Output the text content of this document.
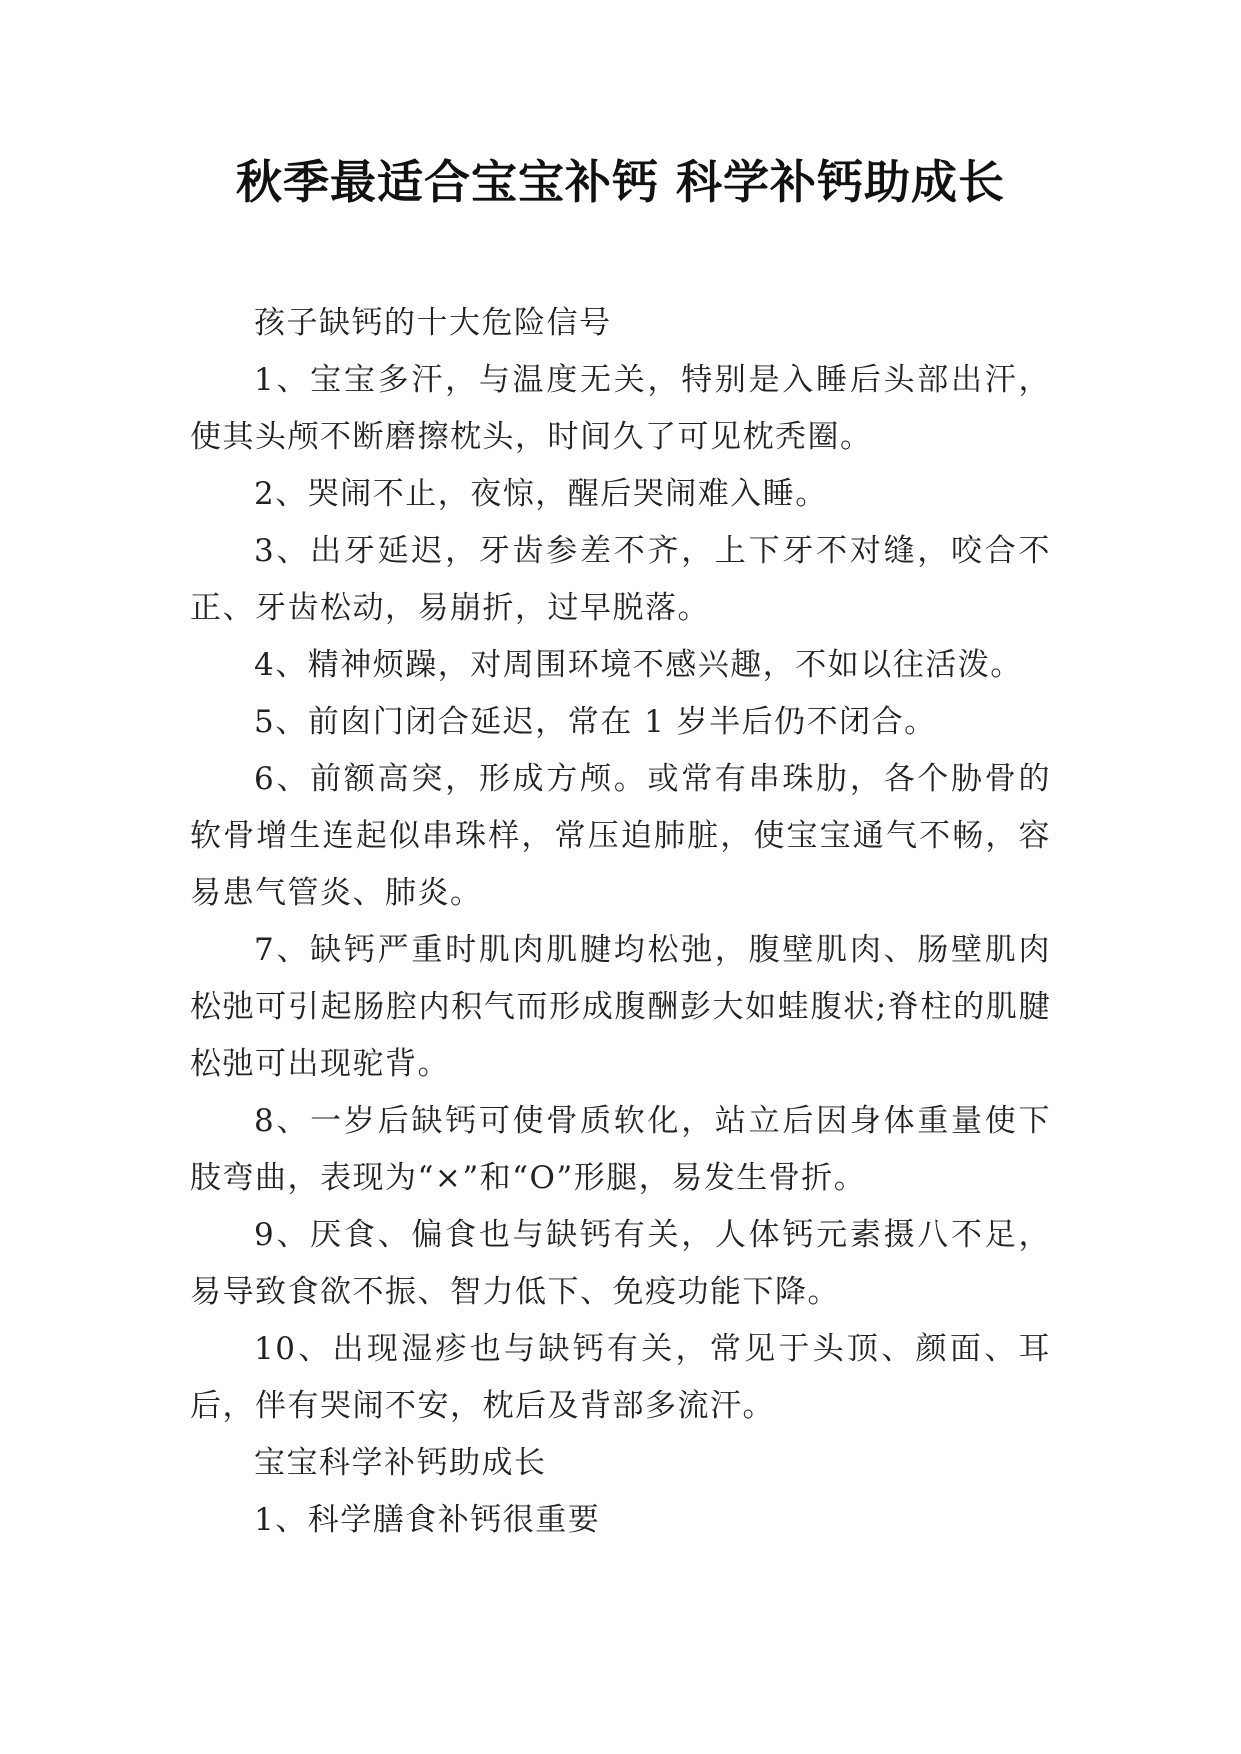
秋季最适合宝宝补钙 科学补钙助成长

孩子缺钙的十大危险信号

1、宝宝多汗，与温度无关，特别是入睡后头部出汗，使其头颅不断磨擦枕头，时间久了可见枕秃圈。

2、哭闹不止，夜惊，醒后哭闹难入睡。

3、出牙延迟，牙齿参差不齐，上下牙不对缝，咬合不正、牙齿松动，易崩折，过早脱落。

4、精神烦躁，对周围环境不感兴趣，不如以往活泼。

5、前囱门闭合延迟，常在 1 岁半后仍不闭合。

6、前额高突，形成方颅。或常有串珠肋，各个胁骨的软骨增生连起似串珠样，常压迫肺脏，使宝宝通气不畅，容易患气管炎、肺炎。

7、缺钙严重时肌肉肌腱均松弛，腹壁肌肉、肠壁肌肉松弛可引起肠腔内积气而形成腹酬彭大如蛙腹状;脊柱的肌腱松弛可出现驼背。

8、一岁后缺钙可使骨质软化，站立后因身体重量使下肢弯曲，表现为“×”和“O”形腿，易发生骨折。

9、厌食、偏食也与缺钙有关，人体钙元素摄八不足，易导致食欲不振、智力低下、免疫功能下降。

10、出现湿疹也与缺钙有关，常见于头顶、颜面、耳后，伴有哭闹不安，枕后及背部多流汗。

宝宝科学补钙助成长

1、科学膳食补钙很重要
